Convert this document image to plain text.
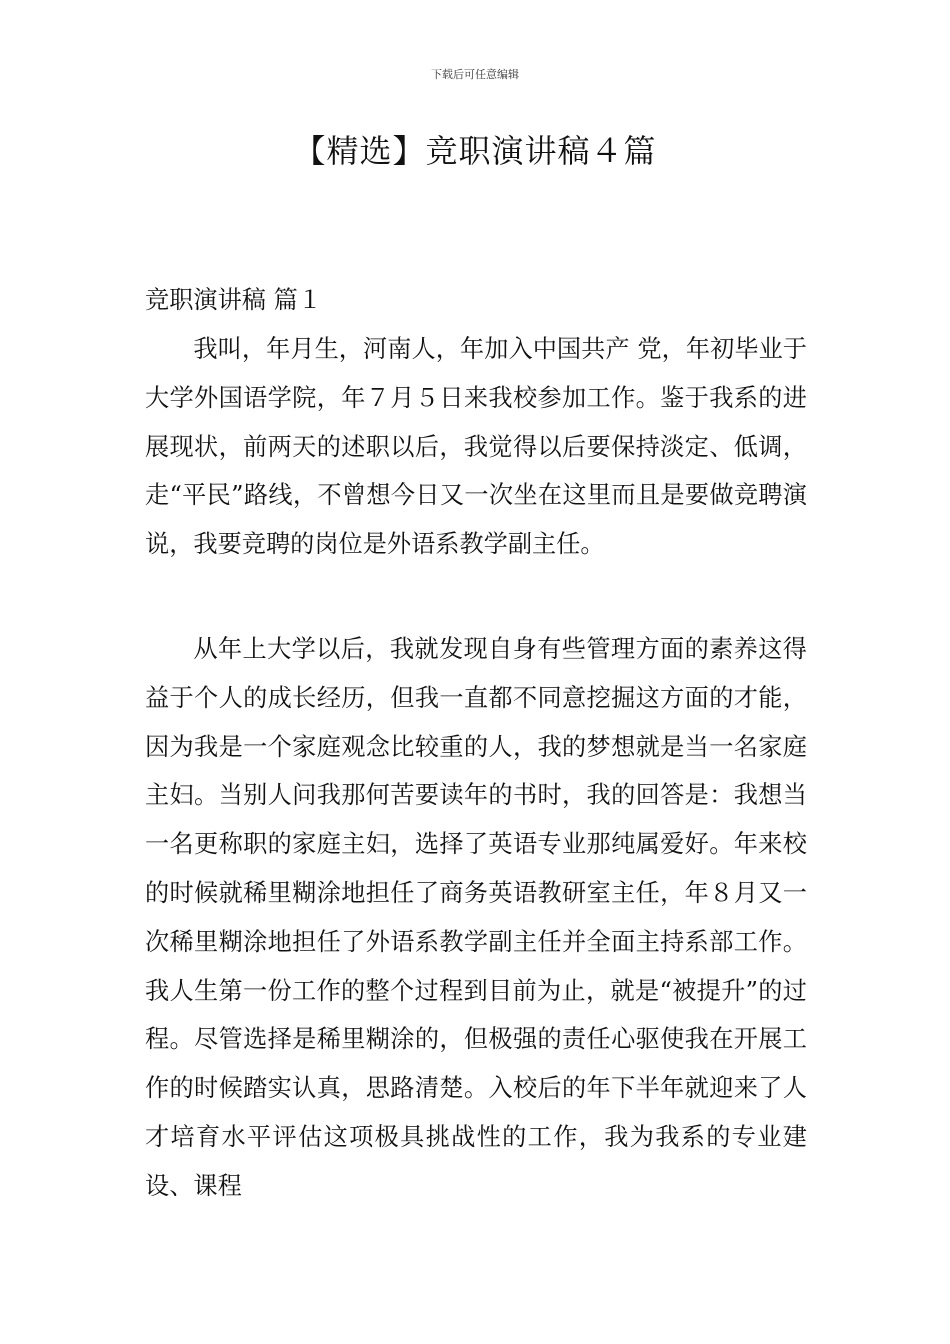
下载后可任意编辑
【精选】竞职演讲稿４篇
竞职演讲稿 篇１

我叫，年月生，河南人，年加入中国共产 党，年初毕业于大学外国语学院，年７月５日来我校参加工作。鉴于我系的进展现状，前两天的述职以后，我觉得以后要保持淡定、低调，走“平民”路线，不曾想今日又一次坐在这里而且是要做竞聘演说，我要竞聘的岗位是外语系教学副主任。

从年上大学以后，我就发现自身有些管理方面的素养这得益于个人的成长经历，但我一直都不同意挖掘这方面的才能，因为我是一个家庭观念比较重的人，我的梦想就是当一名家庭主妇。当别人问我那何苦要读年的书时，我的回答是：我想当一名更称职的家庭主妇，选择了英语专业那纯属爱好。年来校的时候就稀里糊涂地担任了商务英语教研室主任，年８月又一次稀里糊涂地担任了外语系教学副主任并全面主持系部工作。我人生第一份工作的整个过程到目前为止，就是“被提升”的过程。尽管选择是稀里糊涂的，但极强的责任心驱使我在开展工作的时候踏实认真，思路清楚。入校后的年下半年就迎来了人才培育水平评估这项极具挑战性的工作，我为我系的专业建设、课程
